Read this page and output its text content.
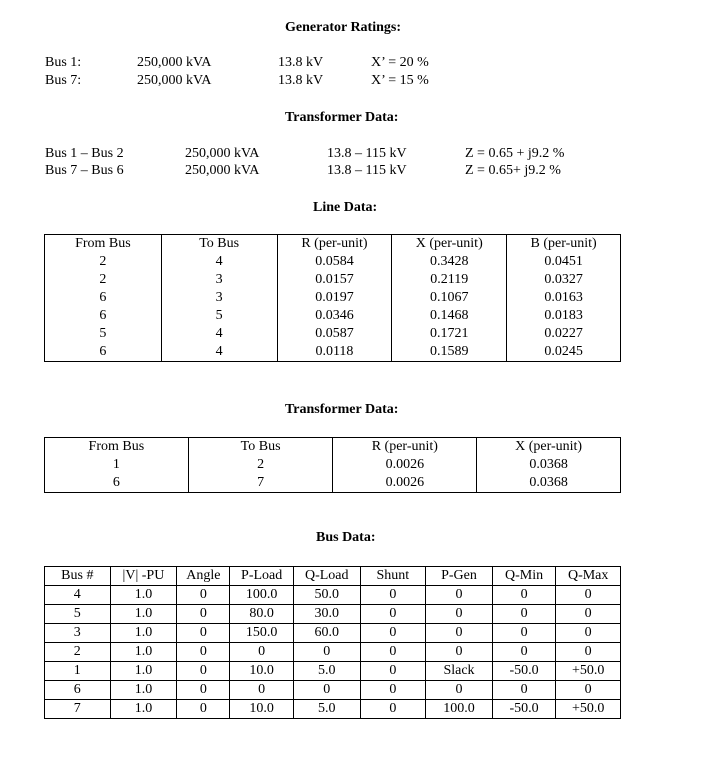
Generator Ratings:
Bus 1:	250,000 kVA	13.8 kV	X’ = 20 %
Bus 7:	250,000 kVA	13.8 kV	X’ = 15 %
Transformer Data:
Bus 1 – Bus 2	250,000 kVA	13.8 – 115 kV	Z = 0.65 + j9.2 %
Bus 7 – Bus 6	250,000 kVA	13.8 – 115 kV	Z = 0.65+ j9.2 %
Line Data:
From Bus	To Bus	R (per-unit)	X (per-unit)	B (per-unit)
2	4	0.0584	0.3428	0.0451
2	3	0.0157	0.2119	0.0327
6	3	0.0197	0.1067	0.0163
6	5	0.0346	0.1468	0.0183
5	4	0.0587	0.1721	0.0227
6	4	0.0118	0.1589	0.0245
Transformer Data:
From Bus	To Bus	R (per-unit)	X (per-unit)
1	2	0.0026	0.0368
6	7	0.0026	0.0368
Bus Data:
Bus #	|V| -PU	Angle	P-Load	Q-Load	Shunt	P-Gen	Q-Min	Q-Max
4	1.0	0	100.0	50.0	0	0	0	0
5	1.0	0	80.0	30.0	0	0	0	0
3	1.0	0	150.0	60.0	0	0	0	0
2	1.0	0	0	0	0	0	0	0
1	1.0	0	10.0	5.0	0	Slack	-50.0	+50.0
6	1.0	0	0	0	0	0	0	0
7	1.0	0	10.0	5.0	0	100.0	-50.0	+50.0
